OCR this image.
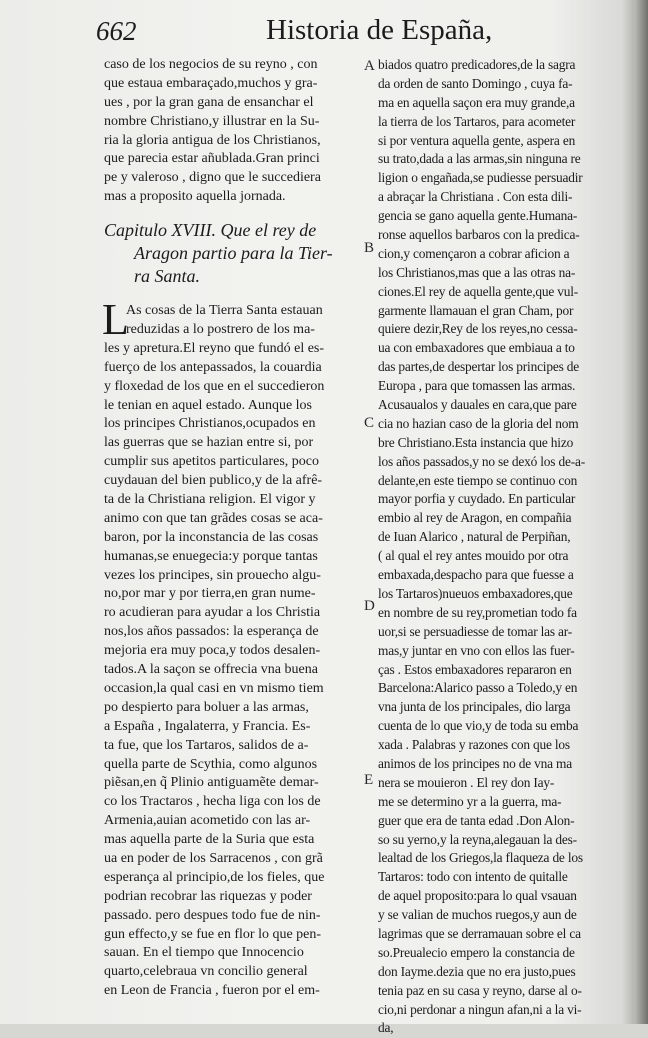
662	Historia de España,
A
B
C
D
E
caso de los negocios de su reyno , con
que estaua embaraçado,muchos y gra-
ues , por la gran gana de ensanchar el
nombre Christiano,y illustrar en la Su-
ria la gloria antigua de los Christianos,
que parecia estar añublada.Gran princi
pe y valeroso , digno que le succediera
mas a proposito aquella jornada.
Capitulo XVIII. Que el rey de
Aragon partio para la Tier-
ra Santa.
L
As cosas de la Tierra Santa estauan
reduzidas a lo postrero de los ma-
les y apretura.El reyno que fundó el es-
fuerço de los antepassados, la couardia
y floxedad de los que en el succedieron
le tenian en aquel estado. Aunque los
los principes Christianos,ocupados en
las guerras que se hazian entre si, por
cumplir sus apetitos particulares, poco
cuydauan del bien publico,y de la afrê-
ta de la Christiana religion. El vigor y
animo con que tan grãdes cosas se aca-
baron, por la inconstancia de las cosas
humanas,se enuegecia:y porque tantas
vezes los principes, sin prouecho algu-
no,por mar y por tierra,en gran nume-
ro acudieran para ayudar a los Christia
nos,los años passados: la esperança de
mejoria era muy poca,y todos desalen-
tados.A la saçon se offrecia vna buena
occasion,la qual casi en vn mismo tiem
po despierto para boluer a las armas,
a España , Ingalaterra, y Francia. Es-
ta fue, que los Tartaros, salidos de a-
quella parte de Scythia, como algunos
piẽsan,en q̃ Plinio antiguamẽte demar-
co los Tractaros , hecha liga con los de
Armenia,auian acometido con las ar-
mas aquella parte de la Suria que esta
ua en poder de los Sarracenos , con grã
esperança al principio,de los fieles, que
podrian recobrar las riquezas y poder
passado. pero despues todo fue de nin-
gun effecto,y se fue en flor lo que pen-
sauan. En el tiempo que Innocencio
quarto,celebraua vn concilio general
en Leon de Francia , fueron por el em-
biados quatro predicadores,de la sagra
da orden de santo Domingo , cuya fa-
ma en aquella saçon era muy grande,a
la tierra de los Tartaros, para acometer
si por ventura aquella gente, aspera en
su trato,dada a las armas,sin ninguna re
ligion o engañada,se pudiesse persuadir
a abraçar la Christiana . Con esta dili-
gencia se gano aquella gente.Humana-
ronse aquellos barbaros con la predica-
cion,y començaron a cobrar aficion a
los Christianos,mas que a las otras na-
ciones.El rey de aquella gente,que vul-
garmente llamauan el gran Cham, por
quiere dezir,Rey de los reyes,no cessa-
ua con embaxadores que embiaua a to
das partes,de despertar los principes de
Europa , para que tomassen las armas.
Acusaualos y dauales en cara,que pare
cia no hazian caso de la gloria del nom
bre Christiano.Esta instancia que hizo
los años passados,y no se dexó los de-a-
delante,en este tiempo se continuo con
mayor porfia y cuydado. En particular
embio al rey de Aragon, en compañia
de Iuan Alarico , natural de Perpiñan,
( al qual el rey antes mouido por otra
embaxada,despacho para que fuesse a
los Tartaros)nueuos embaxadores,que
en nombre de su rey,prometian todo fa
uor,si se persuadiesse de tomar las ar-
mas,y juntar en vno con ellos las fuer-
ças . Estos embaxadores repararon en
Barcelona:Alarico passo a Toledo,y en
vna junta de los principales, dio larga
cuenta de lo que vio,y de toda su emba
xada . Palabras y razones con que los
animos de los principes no de vna ma
nera se mouieron . El rey don Iay-
me se determino yr a la guerra, ma-
guer que era de tanta edad .Don Alon-
so su yerno,y la reyna,alegauan la des-
lealtad de los Griegos,la flaqueza de los
Tartaros: todo con intento de quitalle
de aquel proposito:para lo qual vsauan
y se valian de muchos ruegos,y aun de
lagrimas que se derramauan sobre el ca
so.Preualecio empero la constancia de
don Iayme.dezia que no era justo,pues
tenia paz en su casa y reyno, darse al o-
cio,ni perdonar a ningun afan,ni a la vi-
da,
